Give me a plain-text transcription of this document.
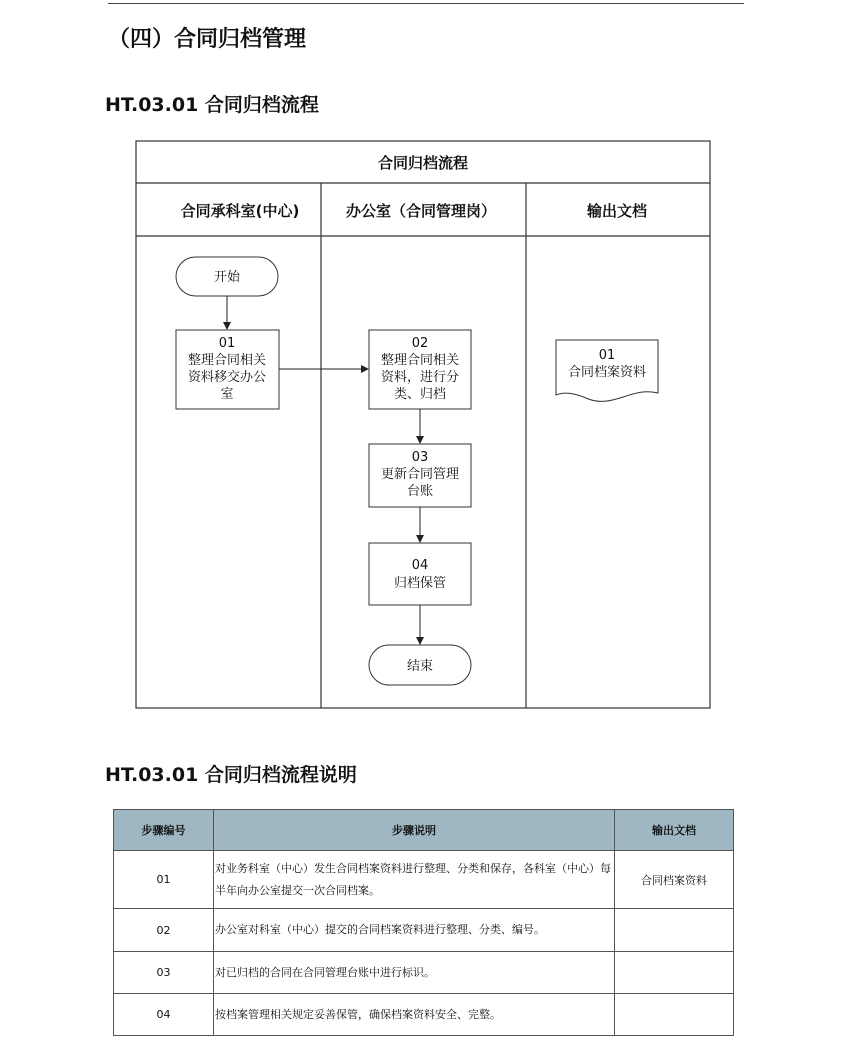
（四）合同归档管理
HT.03.01 合同归档流程
合同归档流程
合同承科室(中心)	办公室（合同管理岗）	输出文档
开始
01
整理合同相关
资料移交办公
室
02
整理合同相关
资料，进行分
类、归档
03
更新合同管理
台账
04
归档保管
结束
01
合同档案资料
HT.03.01 合同归档流程说明
步骤编号	步骤说明	输出文档
01	对业务科室（中心）发生合同档案资料进行整理、分类和保存，各科室（中心）每半年向办公室提交一次合同档案。	合同档案资料
02	办公室对科室（中心）提交的合同档案资料进行整理、分类、编号。	
03	对已归档的合同在合同管理台账中进行标识。	
04	按档案管理相关规定妥善保管，确保档案资料安全、完整。	
